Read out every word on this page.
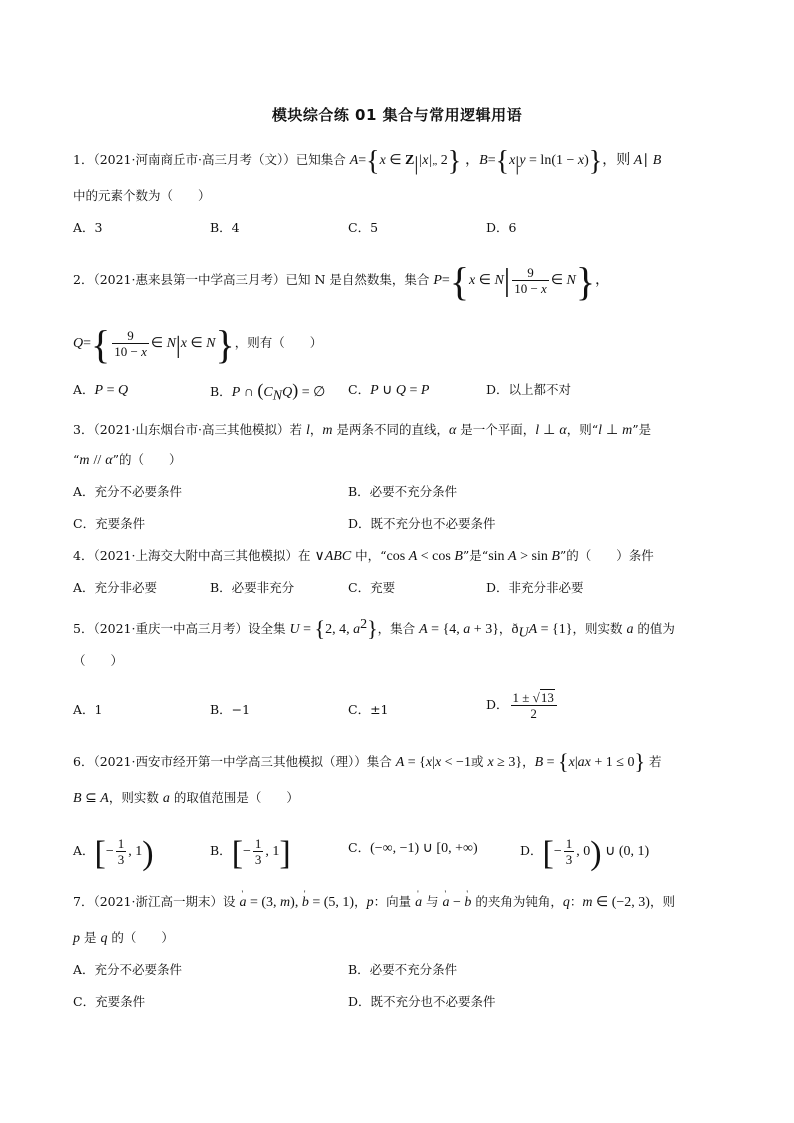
模块综合练 01 集合与常用逻辑用语
1．（2021·河南商丘市·高三月考（文））已知集合 A={x ∈ Z||x|„ 2} ，B={x|y = ln(1 − x)}，则 A∣ B
中的元素个数为（　　）
A．3	B．4	C．5	D．6
2．（2021·惠来县第一中学高三月考）已知 N 是自然数集，集合 P={x ∈ $N| \frac{9}{10 - x}$ ∈ N}，
$Q=\{ \frac{9}{10 - x}$ ∈ N|x ∈ N}，则有（　　）
A．P = Q	B．P ∩ $(C_NQ)$ = ∅ C．P ∪ Q = P	D．以上都不对
3．（2021·山东烟台市·高三其他模拟）若 l，m 是两条不同的直线，α 是一个平面，l ⊥ α，则“l ⊥ m”是
“m // α”的（　　）
A．充分不必要条件	B．必要不充分条件
C．充要条件	D．既不充分也不必要条件
4．（2021·上海交大附中高三其他模拟）在 ∨ABC 中，“cos A < cos B”是“sin A > sin B”的（　　）条件
A．充分非必要	B．必要非充分	C．充要	D．非充分非必要
5．（2021·重庆一中高三月考）设全集 U = {2, 4, $a^2$}，集合 A = {4, a + 3}，$ð_UA = \{1\}$，则实数 a 的值为
（　　）
A．1	B．−1	C．±1	D． $\frac{1 \pm √13}{2}$
6．（2021·西安市经开第一中学高三其他模拟（理））集合 A = {x|x < −1或 x ≥ 3}，B = {x|ax + 1 ≤ 0} 若
B ⊆ A，则实数 a 的取值范围是（　　）
A．[− $\frac{1}{3}$ , 1)	B．[− $\frac{1}{3}$ , 1]	C．(−∞, −1) ∪ [0, +∞)	D．[− $\frac{1}{3}$ , 0) ∪ (0, 1)
7．（2021·浙江高一期末）设 ' a = (3, m), ' b = (5, 1)，p：向量 ' a 与 ' a − ' b 的夹角为钝角，q：m ∈ (−2, 3)，则
p 是 q 的（　　）
A．充分不必要条件	B．必要不充分条件
C．充要条件	D．既不充分也不必要条件
